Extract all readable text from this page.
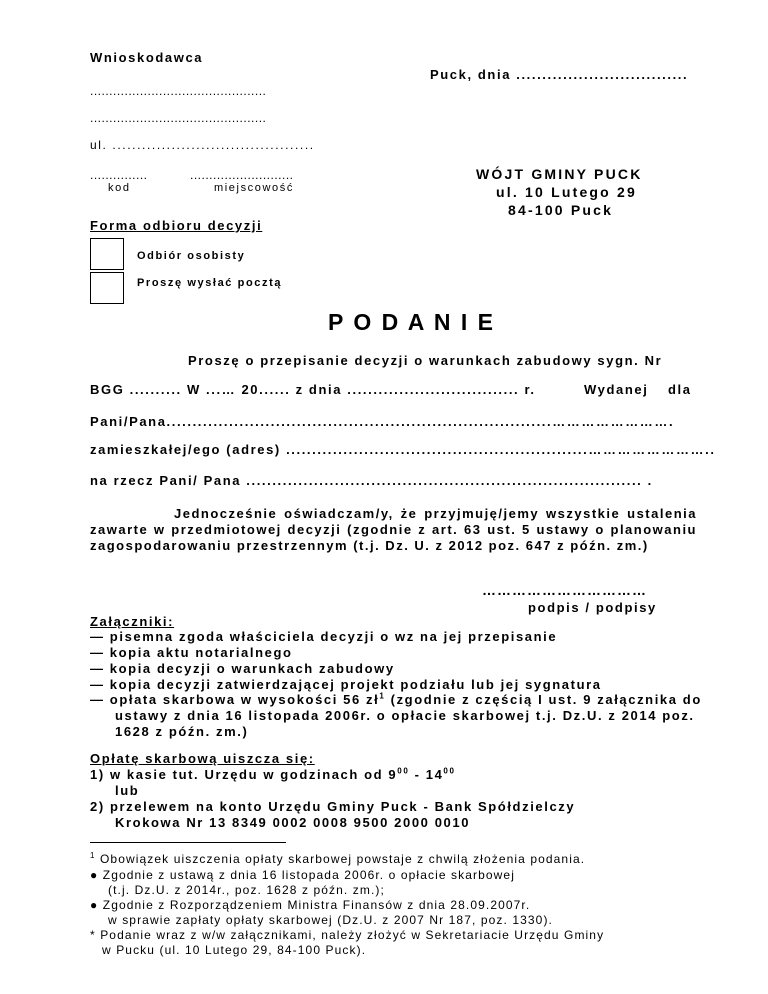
Wnioskodawca
Puck, dnia .................................
..............................................
..............................................
ul. .........................................
...............	...........................
kod	miejscowość
WÓJT GMINY PUCK
ul. 10 Lutego 29
84-100 Puck
Forma odbioru decyzji
Odbiór osobisty
Proszę wysłać pocztą
P O D A N I E
Proszę o przepisanie decyzji o warunkach zabudowy sygn. Nr
BGG .......... W ...… 20...... z dnia ................................. r.	Wydanej dla
Pani/Pana..........................................................................…………………….
zamieszkałej/ego (adres) ..........................................................……………………..
na rzecz Pani/ Pana ............................................................................ .
Jednocześnie oświadczam/y, że przyjmuję/jemy wszystkie ustalenia zawarte w przedmiotowej decyzji (zgodnie z art. 63 ust. 5 ustawy o planowaniu zagospodarowaniu przestrzennym (t.j. Dz. U. z 2012 poz. 647 z późn. zm.)
……………………………
podpis / podpisy
Załączniki:
— pisemna zgoda właściciela decyzji o wz na jej przepisanie
— kopia aktu notarialnego
— kopia decyzji o warunkach zabudowy
— kopia decyzji zatwierdzającej projekt podziału lub jej sygnatura
— opłata skarbowa w wysokości 56 $zł^1$ (zgodnie z częścią I ust. 9 załącznika do
ustawy z dnia 16 listopada 2006r. o opłacie skarbowej t.j. Dz.U. z 2014 poz.
1628 z późn. zm.)
Opłatę skarbową uiszcza się:
1) w kasie tut. Urzędu w godzinach od $9^{00} - 14^{00}$
lub
2) przelewem na konto Urzędu Gminy Puck - Bank Spółdzielczy
Krokowa Nr 13 8349 0002 0008 9500 2000 0010
$^1$ Obowiązek uiszczenia opłaty skarbowej powstaje z chwilą złożenia podania.
● Zgodnie z ustawą z dnia 16 listopada 2006r. o opłacie skarbowej
(t.j. Dz.U. z 2014r., poz. 1628 z późn. zm.);
● Zgodnie z Rozporządzeniem Ministra Finansów z dnia 28.09.2007r.
w sprawie zapłaty opłaty skarbowej (Dz.U. z 2007 Nr 187, poz. 1330).
* Podanie wraz z w/w załącznikami, należy złożyć w Sekretariacie Urzędu Gminy
w Pucku (ul. 10 Lutego 29, 84-100 Puck).
